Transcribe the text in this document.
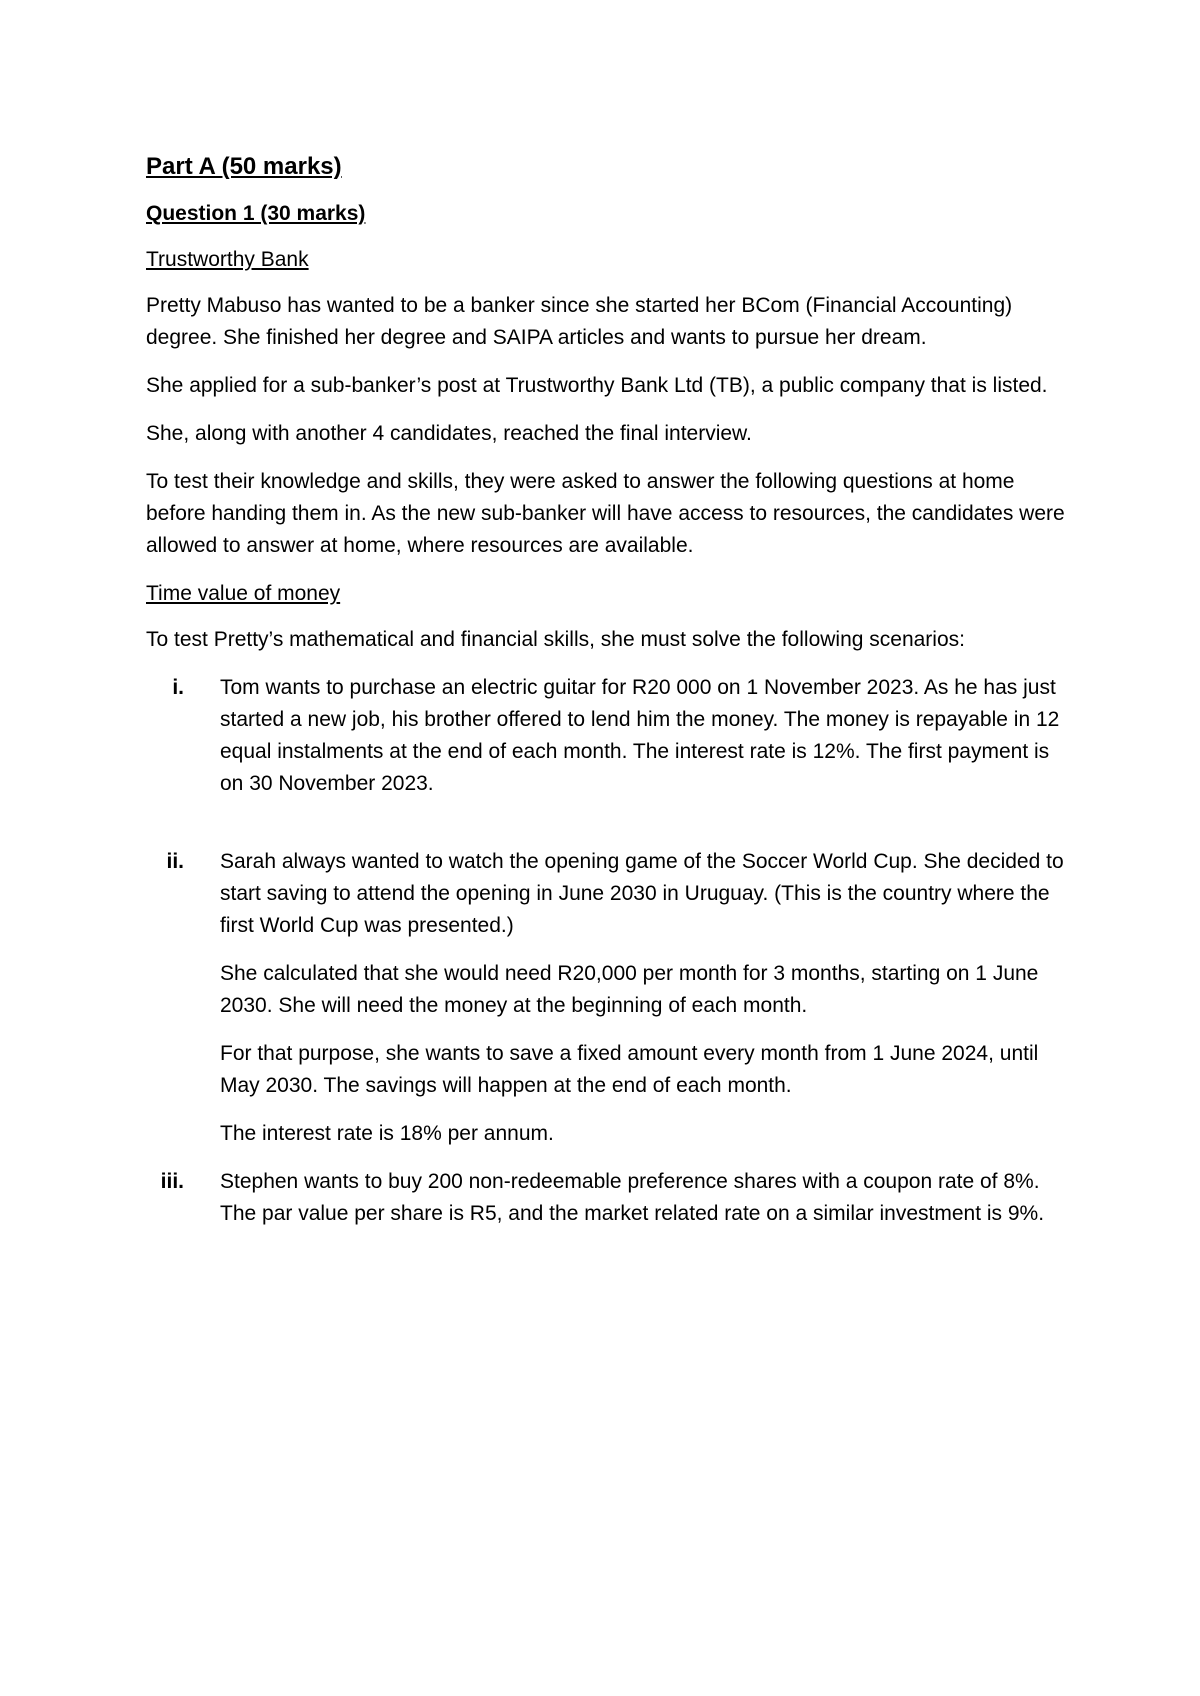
Part A (50 marks)
Question 1 (30 marks)
Trustworthy Bank

Pretty Mabuso has wanted to be a banker since she started her BCom (Financial Accounting) degree. She finished her degree and SAIPA articles and wants to pursue her dream.

She applied for a sub-banker’s post at Trustworthy Bank Ltd (TB), a public company that is listed.

She, along with another 4 candidates, reached the final interview.

To test their knowledge and skills, they were asked to answer the following questions at home before handing them in. As the new sub-banker will have access to resources, the candidates were allowed to answer at home, where resources are available.

Time value of money

To test Pretty’s mathematical and financial skills, she must solve the following scenarios:

i. Tom wants to purchase an electric guitar for R20 000 on 1 November 2023. As he has just started a new job, his brother offered to lend him the money. The money is repayable in 12 equal instalments at the end of each month. The interest rate is 12%. The first payment is on 30 November 2023.

ii. Sarah always wanted to watch the opening game of the Soccer World Cup. She decided to start saving to attend the opening in June 2030 in Uruguay. (This is the country where the first World Cup was presented.)

She calculated that she would need R20,000 per month for 3 months, starting on 1 June 2030. She will need the money at the beginning of each month.

For that purpose, she wants to save a fixed amount every month from 1 June 2024, until May 2030. The savings will happen at the end of each month.

The interest rate is 18% per annum.

iii. Stephen wants to buy 200 non-redeemable preference shares with a coupon rate of 8%. The par value per share is R5, and the market related rate on a similar investment is 9%.
